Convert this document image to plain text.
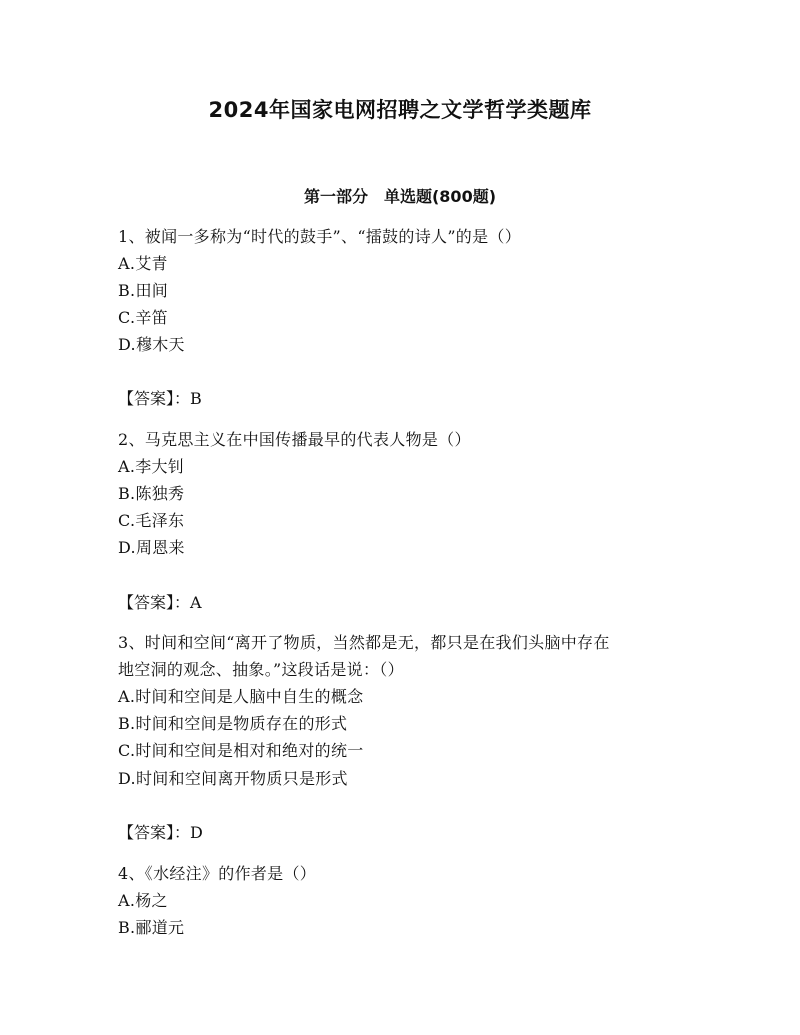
2024年国家电网招聘之文学哲学类题库
第一部分　单选题(800题)
1、被闻一多称为“时代的鼓手”、“擂鼓的诗人”的是（）
A.艾青
B.田间
C.辛笛
D.穆木天
【答案】：B
2、马克思主义在中国传播最早的代表人物是（）
A.李大钊
B.陈独秀
C.毛泽东
D.周恩来
【答案】：A
3、时间和空间“离开了物质，当然都是无，都只是在我们头脑中存在
地空洞的观念、抽象。”这段话是说：（）
A.时间和空间是人脑中自生的概念
B.时间和空间是物质存在的形式
C.时间和空间是相对和绝对的统一
D.时间和空间离开物质只是形式
【答案】：D
4、《水经注》的作者是（）
A.杨之
B.郦道元
